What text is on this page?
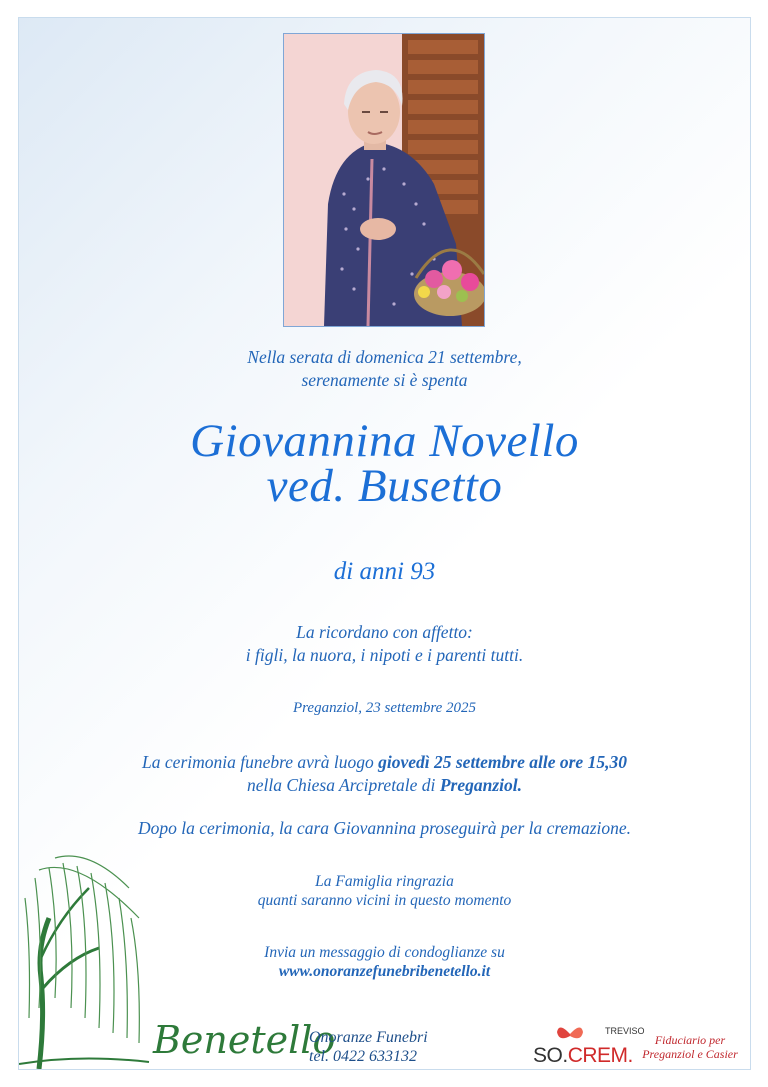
Nella serata di domenica 21 settembre,
serenamente si è spenta
Giovannina Novello
ved. Busetto
di anni 93
La ricordano con affetto:
i figli, la nuora, i nipoti e i parenti tutti.
Preganziol, 23 settembre 2025
La cerimonia funebre avrà luogo giovedì 25 settembre alle ore 15,30
nella Chiesa Arcipretale di Preganziol.
Dopo la cerimonia, la cara Giovannina proseguirà per la cremazione.
La Famiglia ringrazia
quanti saranno vicini in questo momento
Invia un messaggio di condoglianze su
www.onoranzefunebribenetello.it
Benetello
Onoranze Funebri
tel. 0422 633132
TREVISO
SO.CREM.
Fiduciario per
Preganziol e Casier
